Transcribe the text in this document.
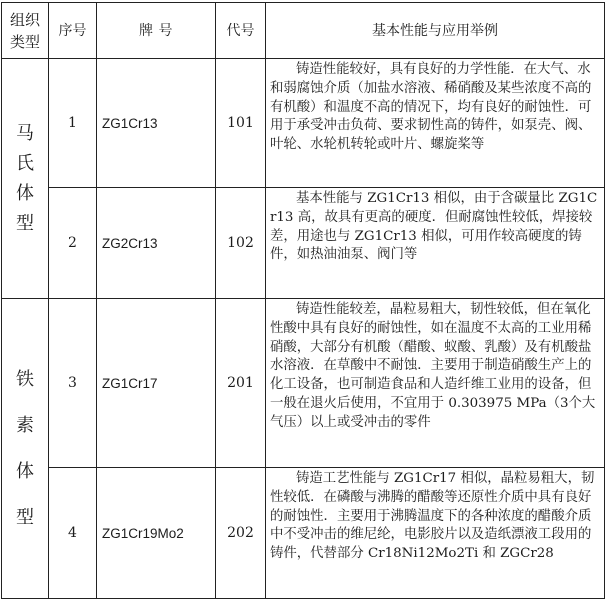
组织类型	序号	牌 号	代号	基本性能与应用举例

马氏体型	1	ZG1Cr13	101	铸造性能较好，具有良好的力学性能．在大气、水和弱腐蚀介质（加盐水溶液、稀硝酸及某些浓度不高的有机酸）和温度不高的情况下，均有良好的耐蚀性．可用于承受冲击负荷、要求韧性高的铸件，如泵壳、阀、叶轮、水轮机转轮或叶片、螺旋桨等
	2	ZG2Cr13	102	基本性能与 ZG1Cr13 相似，由于含碳量比 ZG1Cr13 高，故具有更高的硬度．但耐腐蚀性较低，焊接较差，用途也与 ZG1Cr13 相似，可用作较高硬度的铸件，如热油油泵、阀门等

铁素体型	3	ZG1Cr17	201	铸造性能较差，晶粒易粗大，韧性较低，但在氧化性酸中具有良好的耐蚀性，如在温度不太高的工业用稀硝酸，大部分有机酸（醋酸、蚁酸、乳酸）及有机酸盐水溶液．在草酸中不耐蚀．主要用于制造硝酸生产上的化工设备，也可制造食品和人造纤维工业用的设备，但一般在退火后使用，不宜用于 0.303975 MPa（3个大气压）以上或受冲击的零件
	4	ZG1Cr19Mo2	202	铸造工艺性能与 ZG1Cr17 相似，晶粒易粗大，韧性较低．在磷酸与沸腾的醋酸等还原性介质中具有良好的耐蚀性．主要用于沸腾温度下的各种浓度的醋酸介质中不受冲击的维尼纶，电影胶片以及造纸漂液工段用的铸件，代替部分 Cr18Ni12Mo2Ti 和 ZGCr28
